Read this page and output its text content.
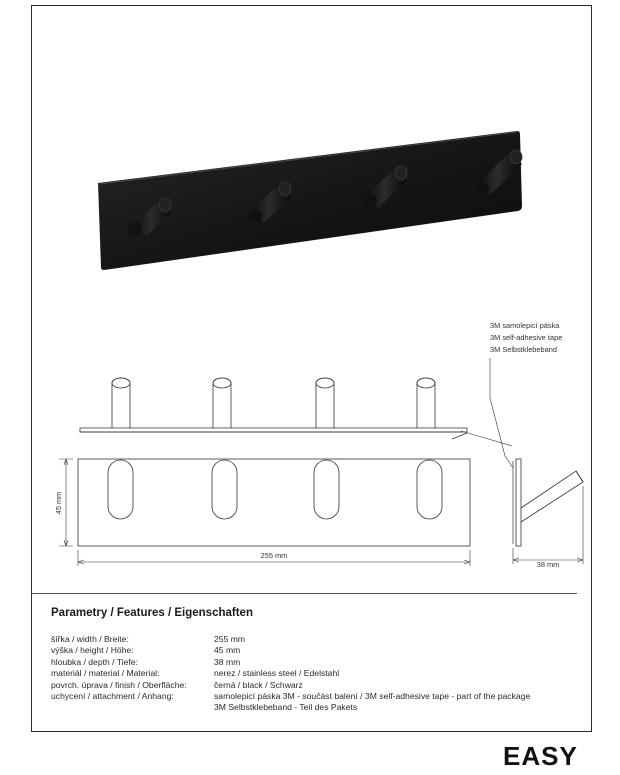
3M samolepicí páska
3M self-adhesive tape
3M Selbstklebeband
45 mm
255 mm
38 mm
Parametry / Features / Eigenschaften
šířka / width / Breite:	255 mm
výška / height / Höhe:	45 mm
hloubka / depth / Tiefe:	38 mm
materiál / material / Material:	nerez / stainless steel / Edelstahl
povrch. úprava / finish / Oberfläche:	černá / black / Schwarz
uchycení / attachment / Anhang:	samolepicí páska 3M - součást balení / 3M self-adhesive tape - part of the package
3M Selbstklebeband - Teil des Pakets
EASY
